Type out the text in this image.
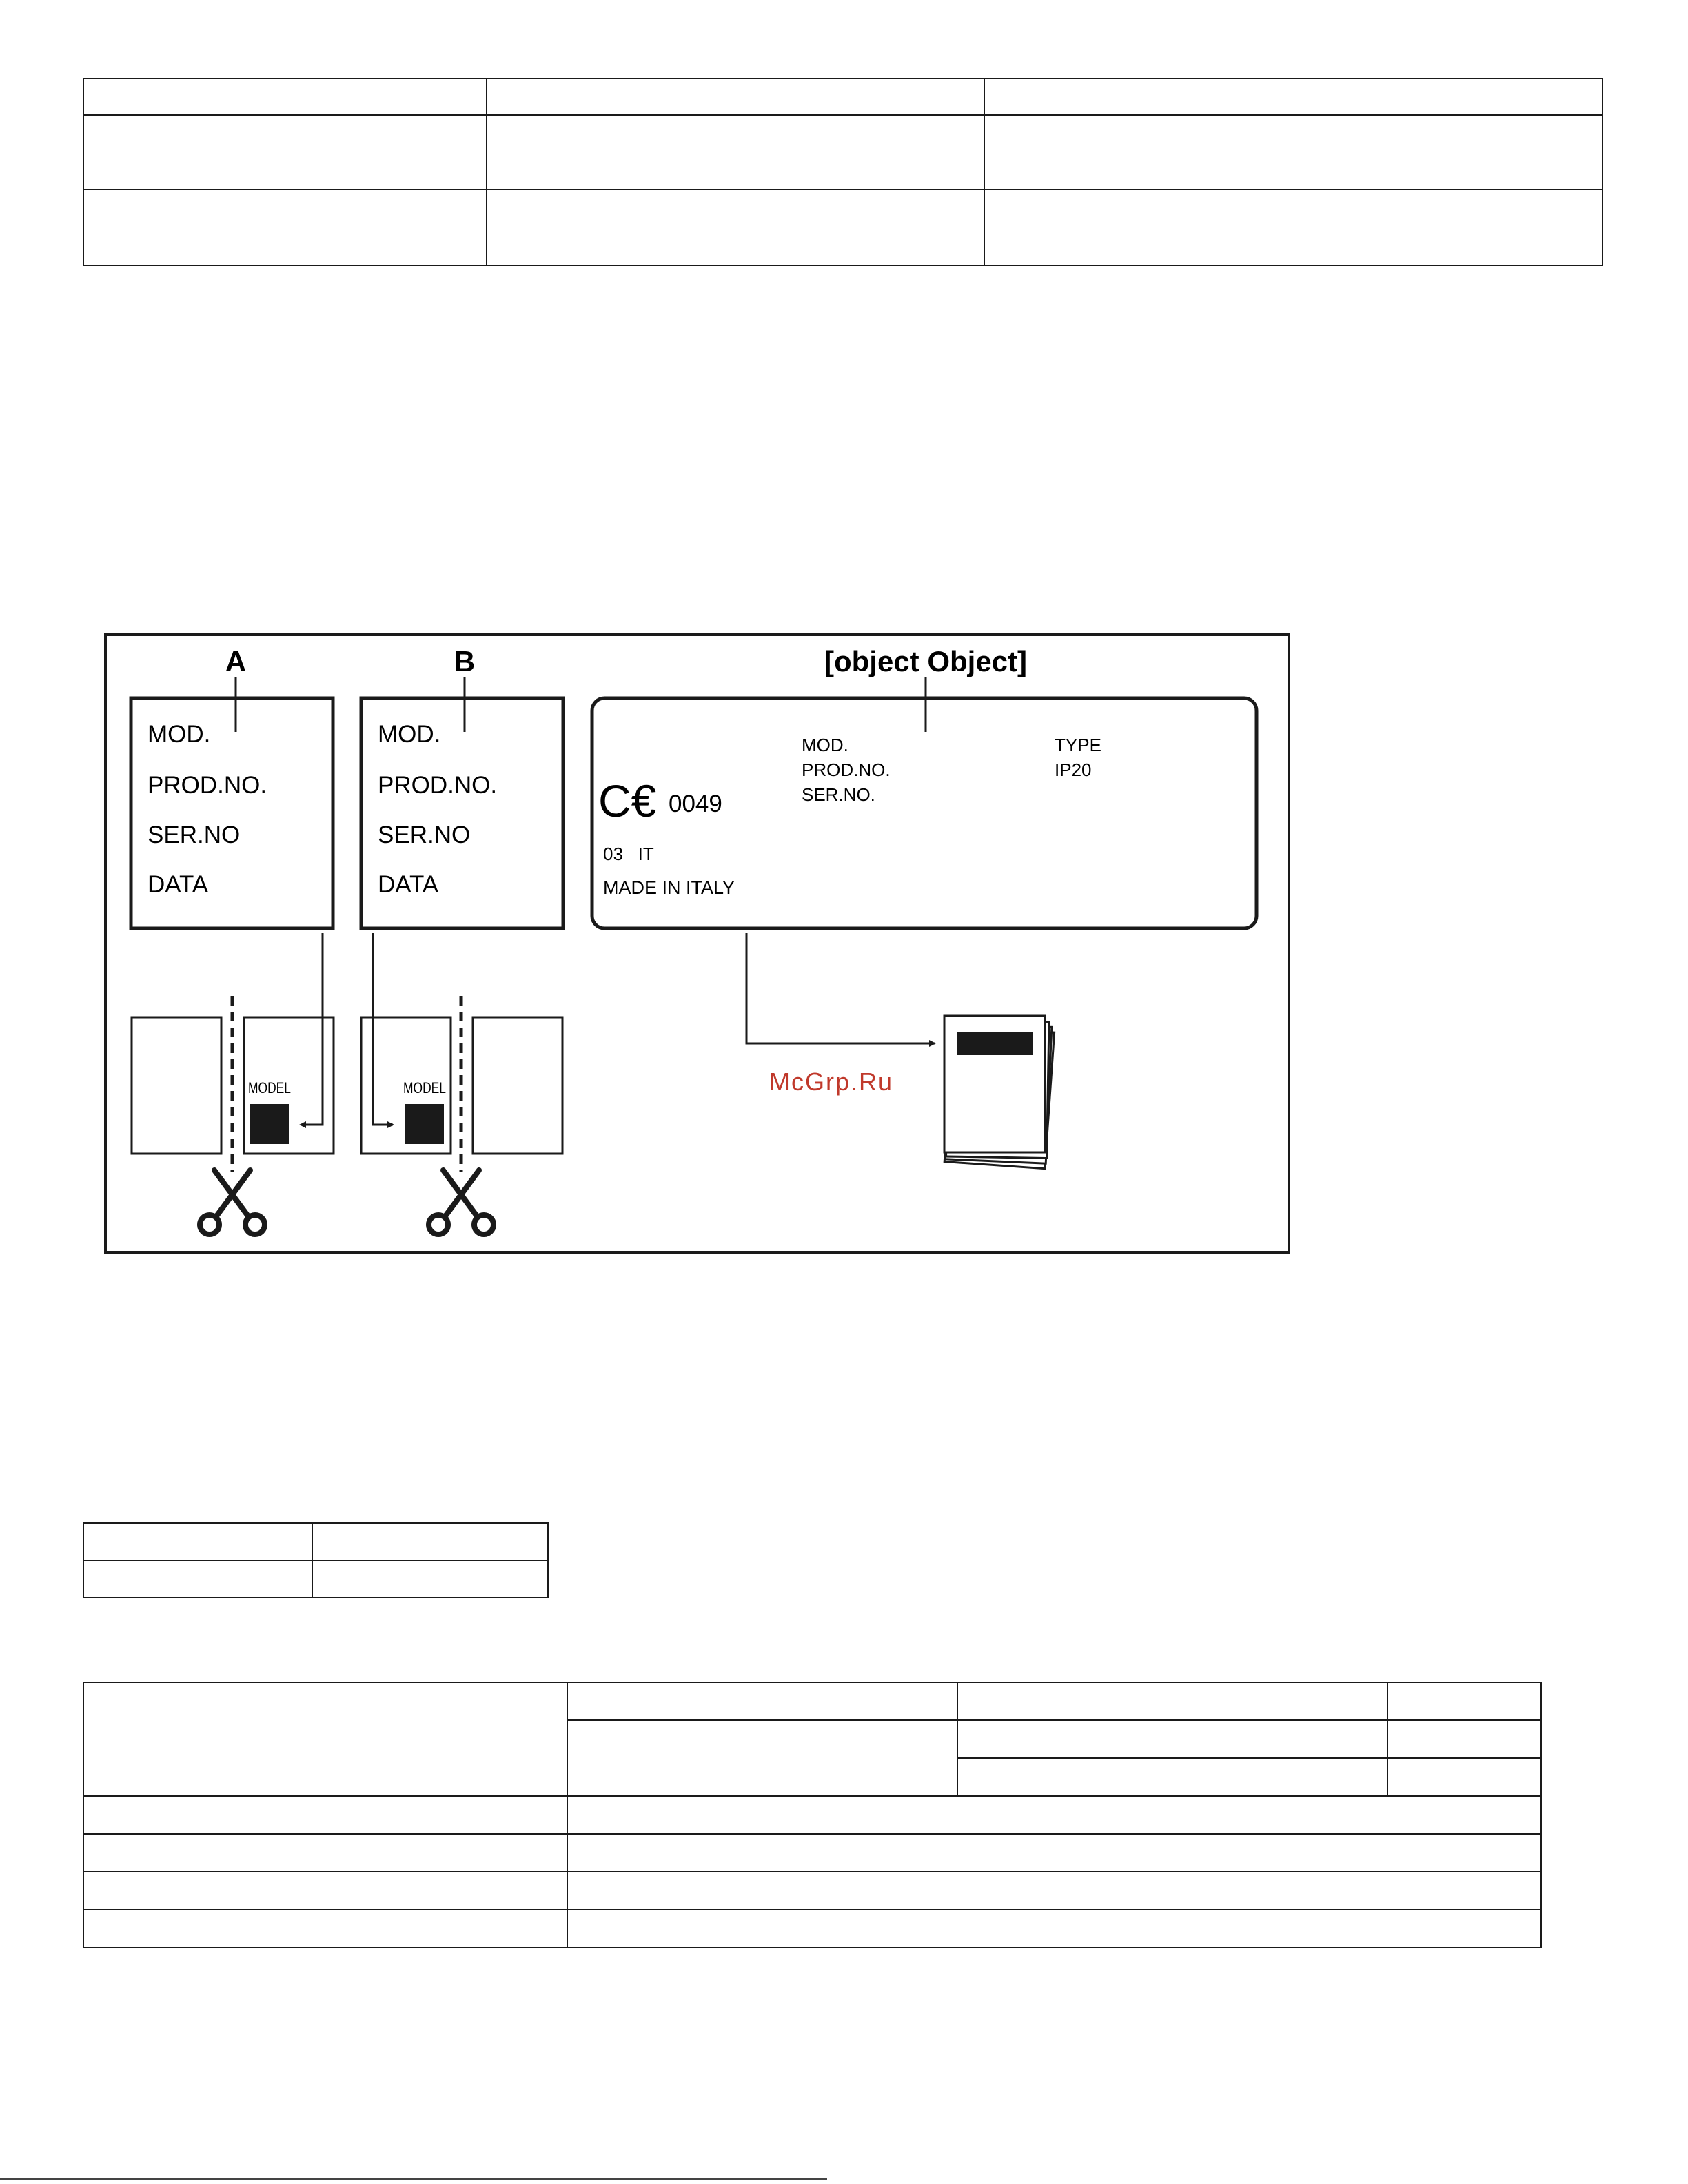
A	B	[object Object]
MOD.
PROD.NO.
SER.NO
DATA
MOD.
PROD.NO.
SER.NO
DATA
C€ 0049
03   IT
MADE IN ITALY
MOD.
PROD.NO.
SER.NO.
TYPE
IP20
MODEL	MODEL	McGrp.Ru
